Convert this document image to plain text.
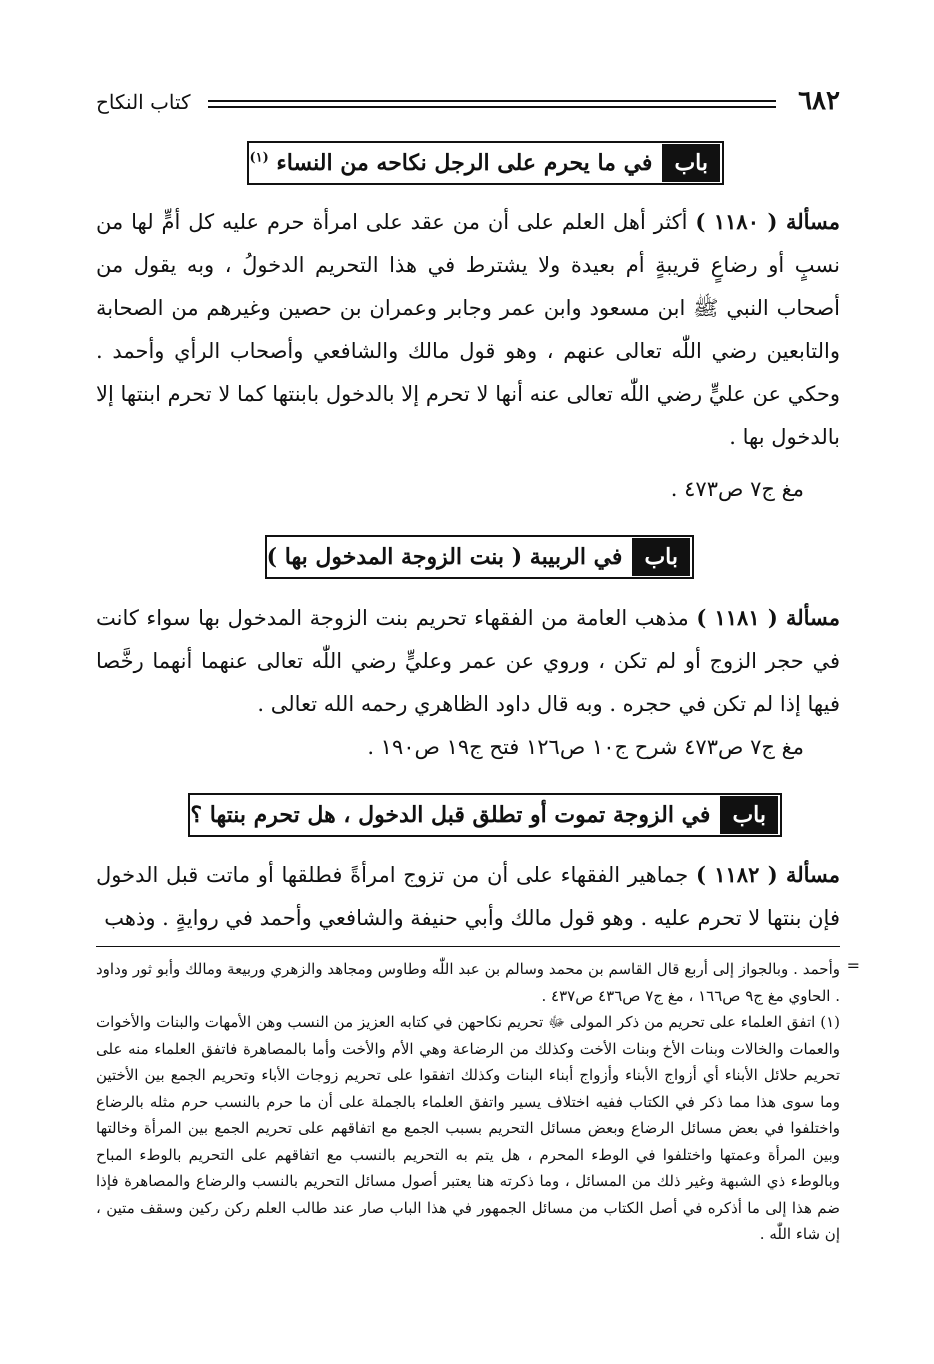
٦٨٢
كتاب النكاح
باب
في ما يحرم على الرجل نكاحه من النساء $^{(١)}$
مسألة ( ١١٨٠ ) أكثر أهل العلم على أن من عقد على امرأة حرم عليه كل أمٍّ لها من نسبٍ أو رضاعٍ قريبةٍ أم بعيدة ولا يشترط في هذا التحريم الدخولُ ، وبه يقول من أصحاب النبي ﷺ ابن مسعود وابن عمر وجابر وعمران بن حصين وغيرهم من الصحابة والتابعين رضي اللّٰه تعالى عنهم ، وهو قول مالك والشافعي وأصحاب الرأي وأحمد . وحكي عن عليٍّ رضي اللّٰه تعالى عنه أنها لا تحرم إلا بالدخول بابنتها كما لا تحرم ابنتها إلا بالدخول بها .
مغ ج٧ ص٤٧٣ .
باب
في الربيبة ( بنت الزوجة المدخول بها )
مسألة ( ١١٨١ ) مذهب العامة من الفقهاء تحريم بنت الزوجة المدخول بها سواء كانت في حجر الزوج أو لم تكن ، وروي عن عمر وعليٍّ رضي اللّٰه تعالى عنهما أنهما رخَّصا فيها إذا لم تكن في حجره . وبه قال داود الظاهري رحمه الله تعالى .
مغ ج٧ ص٤٧٣ شرح ج١٠ ص١٢٦ فتح ج١٩ ص١٩٠ .
باب
في الزوجة تموت أو تطلق قبل الدخول ، هل تحرم بنتها ؟
مسألة ( ١١٨٢ ) جماهير الفقهاء على أن من تزوج امرأةً فطلقها أو ماتت قبل الدخول فإن بنتها لا تحرم عليه . وهو قول مالك وأبي حنيفة والشافعي وأحمد في روايةٍ . وذهب
=

وأحمد . وبالجواز إلى أربع قال القاسم بن محمد وسالم بن عبد اللّٰه وطاوس ومجاهد والزهري وربيعة ومالك وأبو ثور وداود . الحاوي مغ ج٩ ص١٦٦ ، مغ ج٧ ص٤٣٦ ص٤٣٧ .

(١) اتفق العلماء على تحريم من ذكر المولى ﷻ تحريم نكاحهن في كتابه العزيز من النسب وهن الأمهات والبنات والأخوات والعمات والخالات وبنات الأخ وبنات الأخت وكذلك من الرضاعة وهي الأم والأخت وأما بالمصاهرة فاتفق العلماء منه على تحريم حلائل الأبناء أي أزواج الأبناء وأزواج أبناء البنات وكذلك اتفقوا على تحريم زوجات الأباء وتحريم الجمع بين الأختين وما سوى هذا مما ذكر في الكتاب ففيه اختلاف يسير واتفق العلماء بالجملة على أن ما حرم بالنسب حرم مثله بالرضاع واختلفوا في بعض مسائل الرضاع وبعض مسائل التحريم بسبب الجمع مع اتفاقهم على تحريم الجمع بين المرأة وخالتها وبين المرأة وعمتها واختلفوا في الوطء المحرم ، هل يتم به التحريم بالنسب مع اتفاقهم على التحريم بالوطء المباح وبالوطء ذي الشبهة وغير ذلك من المسائل ، وما ذكرته هنا يعتبر أصول مسائل التحريم بالنسب والرضاع والمصاهرة فإذا ضم هذا إلى ما أذكره في أصل الكتاب من مسائل الجمهور في هذا الباب صار عند طالب العلم ركن ركين وسقف متين ، إن شاء اللّٰه .
